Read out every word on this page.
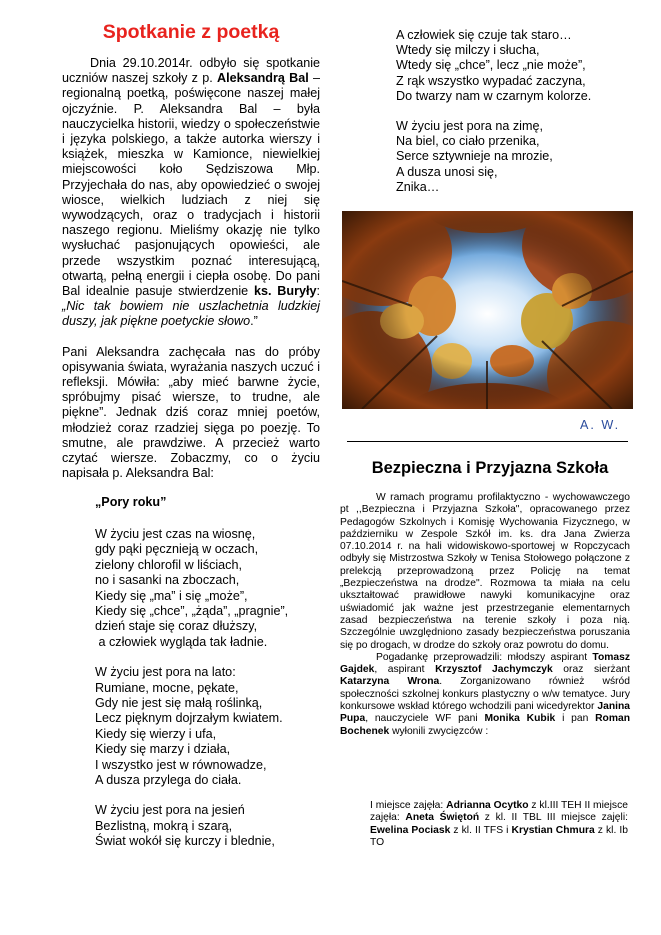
Spotkanie z poetką

Dnia 29.10.2014r. odbyło się spotkanie uczniów naszej szkoły z p. Aleksandrą Bal – regionalną poetką, poświęcone naszej małej ojczyźnie. P. Aleksandra Bal – była nauczycielka historii, wiedzy o społeczeństwie i języka polskiego, a także autorka wierszy i książek, mieszka w Kamionce, niewielkiej miejscowości koło Sędziszowa Młp. Przyjechała do nas, aby opowiedzieć o swojej wiosce, wielkich ludziach z niej się wywodzących, oraz o tradycjach i historii naszego regionu. Mieliśmy okazję nie tylko wysłuchać pasjonujących opowieści, ale przede wszystkim poznać interesującą, otwartą, pełną energii i ciepła osobę. Do pani Bal idealnie pasuje stwierdzenie ks. Buryły: „Nic tak bowiem nie uszlachetnia ludzkiej duszy, jak piękne poetyckie słowo.”

Pani Aleksandra zachęcała nas do próby opisywania świata, wyrażania naszych uczuć i refleksji. Mówiła: „aby mieć barwne życie, spróbujmy pisać wiersze, to trudne, ale piękne”. Jednak dziś coraz mniej poetów, młodzież coraz rzadziej sięga po poezję. To smutne, ale prawdziwe. A przecież warto czytać wiersze. Zobaczmy, co o życiu napisała p. Aleksandra Bal:

„Pory roku”
W życiu jest czas na wiosnę,
gdy pąki pęcznieją w oczach,
zielony chlorofil w liściach,
no i sasanki na zboczach,
Kiedy się „ma” i się „może”,
Kiedy się „chce”, „żąda”, „pragnie”,
dzień staje się coraz dłuższy,
a człowiek wygląda tak ładnie.
W życiu jest pora na lato:
Rumiane, mocne, pękate,
Gdy nie jest się małą roślinką,
Lecz pięknym dojrzałym kwiatem.
Kiedy się wierzy i ufa,
Kiedy się marzy i działa,
I wszystko jest w równowadze,
A dusza przylega do ciała.
W życiu jest pora na jesień
Bezlistną, mokrą i szarą,
Świat wokół się kurczy i blednie,
A człowiek się czuje tak staro…
Wtedy się milczy i słucha,
Wtedy się „chce”, lecz „nie może”,
Z rąk wszystko wypadać zaczyna,
Do twarzy nam w czarnym kolorze.
W życiu jest pora na zimę,
Na biel, co ciało przenika,
Serce sztywnieje na mrozie,
A dusza unosi się,
Znika…
A. W.
Bezpieczna i Przyjazna Szkoła

W ramach programu profilaktyczno - wychowawczego pt ,,Bezpieczna i Przyjazna Szkoła", opracowanego przez Pedagogów Szkolnych i Komisję Wychowania Fizycznego, w październiku w Zespole Szkół im. ks. dra Jana Zwierza 07.10.2014 r. na hali widowiskowo-sportowej w Ropczycach odbyły się Mistrzostwa Szkoły w Tenisa Stołowego połączone z prelekcją przeprowadzoną przez Policję na temat „Bezpieczeństwa na drodze". Rozmowa ta miała na celu ukształtować prawidłowe nawyki komunikacyjne oraz uświadomić jak ważne jest przestrzeganie elementarnych zasad bezpieczeństwa na terenie szkoły i poza nią. Szczególnie uwzględniono zasady bezpieczeństwa poruszania się po drogach, w drodze do szkoły oraz powrotu do domu.

Pogadankę przeprowadzili: młodszy aspirant Tomasz Gajdek, aspirant Krzysztof Jachymczyk oraz sierżant Katarzyna Wrona. Zorganizowano również wśród społeczności szkolnej konkurs plastyczny o w/w tematyce. Jury konkursowe wskład którego wchodzili pani wicedyrektor Janina Pupa, nauczyciele WF pani Monika Kubik i pan Roman Bochenek wyłonili zwycięzców :

I miejsce zajęła: Adrianna Ocytko z kl.III TEH II miejsce zajęła: Aneta Świętoń z kl. II TBL III miejsce zajęli: Ewelina Pociask z kl. II TFS i Krystian Chmura z kl. Ib TO
